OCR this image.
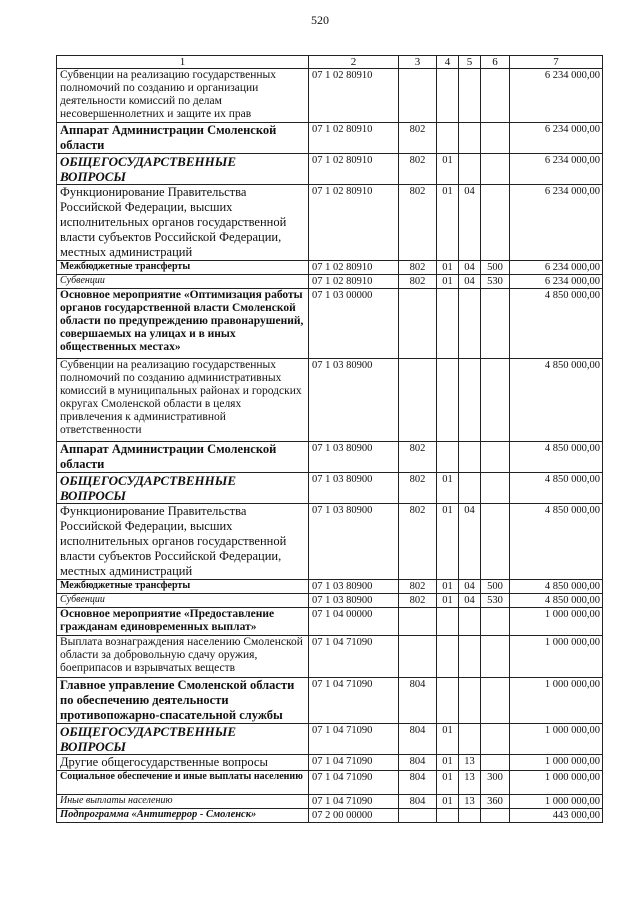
520
1	2	3	4	5	6	7
Субвенции на реализацию государственных полномочий по созданию и организации деятельности комиссий по делам несовершеннолетних и защите их прав	07 1 02 80910					6 234 000,00
Аппарат Администрации Смоленской области	07 1 02 80910	802				6 234 000,00
ОБЩЕГОСУДАРСТВЕННЫЕ ВОПРОСЫ	07 1 02 80910	802	01			6 234 000,00
Функционирование Правительства Российской Федерации, высших исполнительных органов государственной власти субъектов Российской Федерации, местных администраций	07 1 02 80910	802	01	04		6 234 000,00
Межбюджетные трансферты	07 1 02 80910	802	01	04	500	6 234 000,00
Субвенции	07 1 02 80910	802	01	04	530	6 234 000,00
Основное мероприятие «Оптимизация работы органов государственной власти Смоленской области по предупреждению правонарушений, совершаемых на улицах и в иных общественных местах»	07 1 03 00000					4 850 000,00
Субвенции на реализацию государственных полномочий по созданию административных комиссий в муниципальных районах и городских округах Смоленской области в целях привлечения к административной ответственности	07 1 03 80900					4 850 000,00
Аппарат Администрации Смоленской области	07 1 03 80900	802				4 850 000,00
ОБЩЕГОСУДАРСТВЕННЫЕ ВОПРОСЫ	07 1 03 80900	802	01			4 850 000,00
Функционирование Правительства Российской Федерации, высших исполнительных органов государственной власти субъектов Российской Федерации, местных администраций	07 1 03 80900	802	01	04		4 850 000,00
Межбюджетные трансферты	07 1 03 80900	802	01	04	500	4 850 000,00
Субвенции	07 1 03 80900	802	01	04	530	4 850 000,00
Основное мероприятие «Предоставление гражданам единовременных выплат»	07 1 04 00000					1 000 000,00
Выплата вознаграждения населению Смоленской области за добровольную сдачу оружия, боеприпасов и взрывчатых веществ	07 1 04 71090					1 000 000,00
Главное управление Смоленской области по обеспечению деятельности противопожарно-спасательной службы	07 1 04 71090	804				1 000 000,00
ОБЩЕГОСУДАРСТВЕННЫЕ ВОПРОСЫ	07 1 04 71090	804	01			1 000 000,00
Другие общегосударственные вопросы	07 1 04 71090	804	01	13		1 000 000,00
Социальное обеспечение и иные выплаты населению	07 1 04 71090	804	01	13	300	1 000 000,00
Иные выплаты населению	07 1 04 71090	804	01	13	360	1 000 000,00
Подпрограмма «Антитеррор - Смоленск»	07 2 00 00000					443 000,00
